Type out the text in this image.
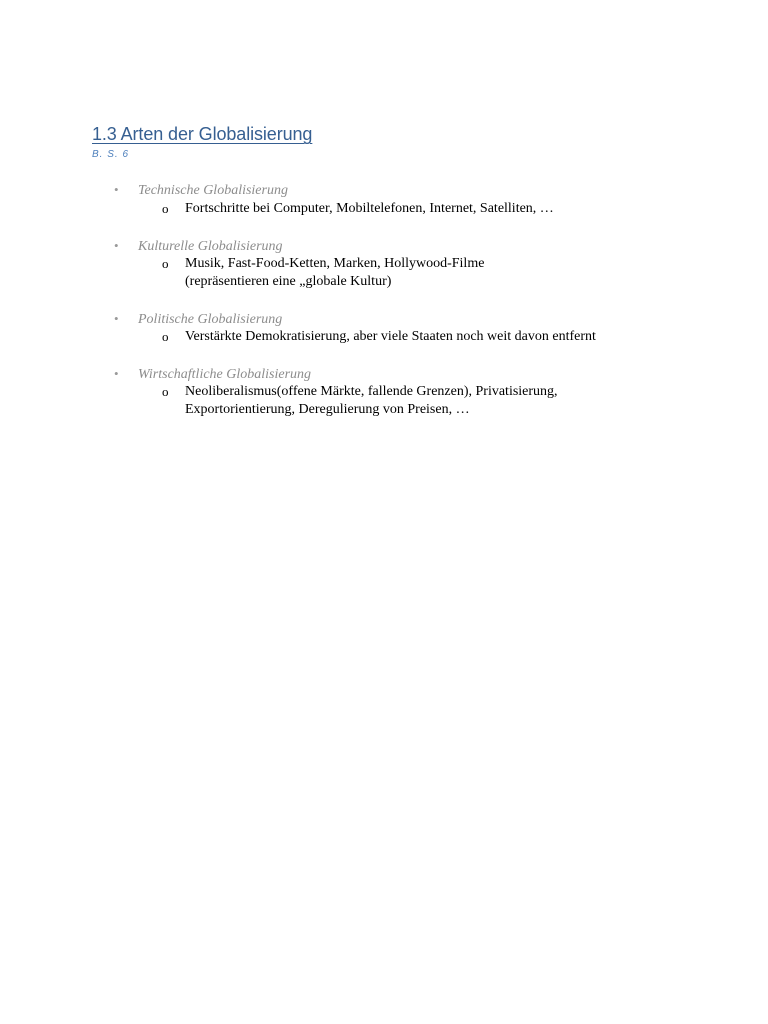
1.3 Arten der Globalisierung
B. S. 6
• Technische Globalisierung
o Fortschritte bei Computer, Mobiltelefonen, Internet, Satelliten, …
• Kulturelle Globalisierung
o Musik, Fast-Food-Ketten, Marken, Hollywood-Filme
(repräsentieren eine „globale Kultur)
• Politische Globalisierung
o Verstärkte Demokratisierung, aber viele Staaten noch weit davon entfernt
• Wirtschaftliche Globalisierung
o Neoliberalismus(offene Märkte, fallende Grenzen), Privatisierung,
Exportorientierung, Deregulierung von Preisen, …
